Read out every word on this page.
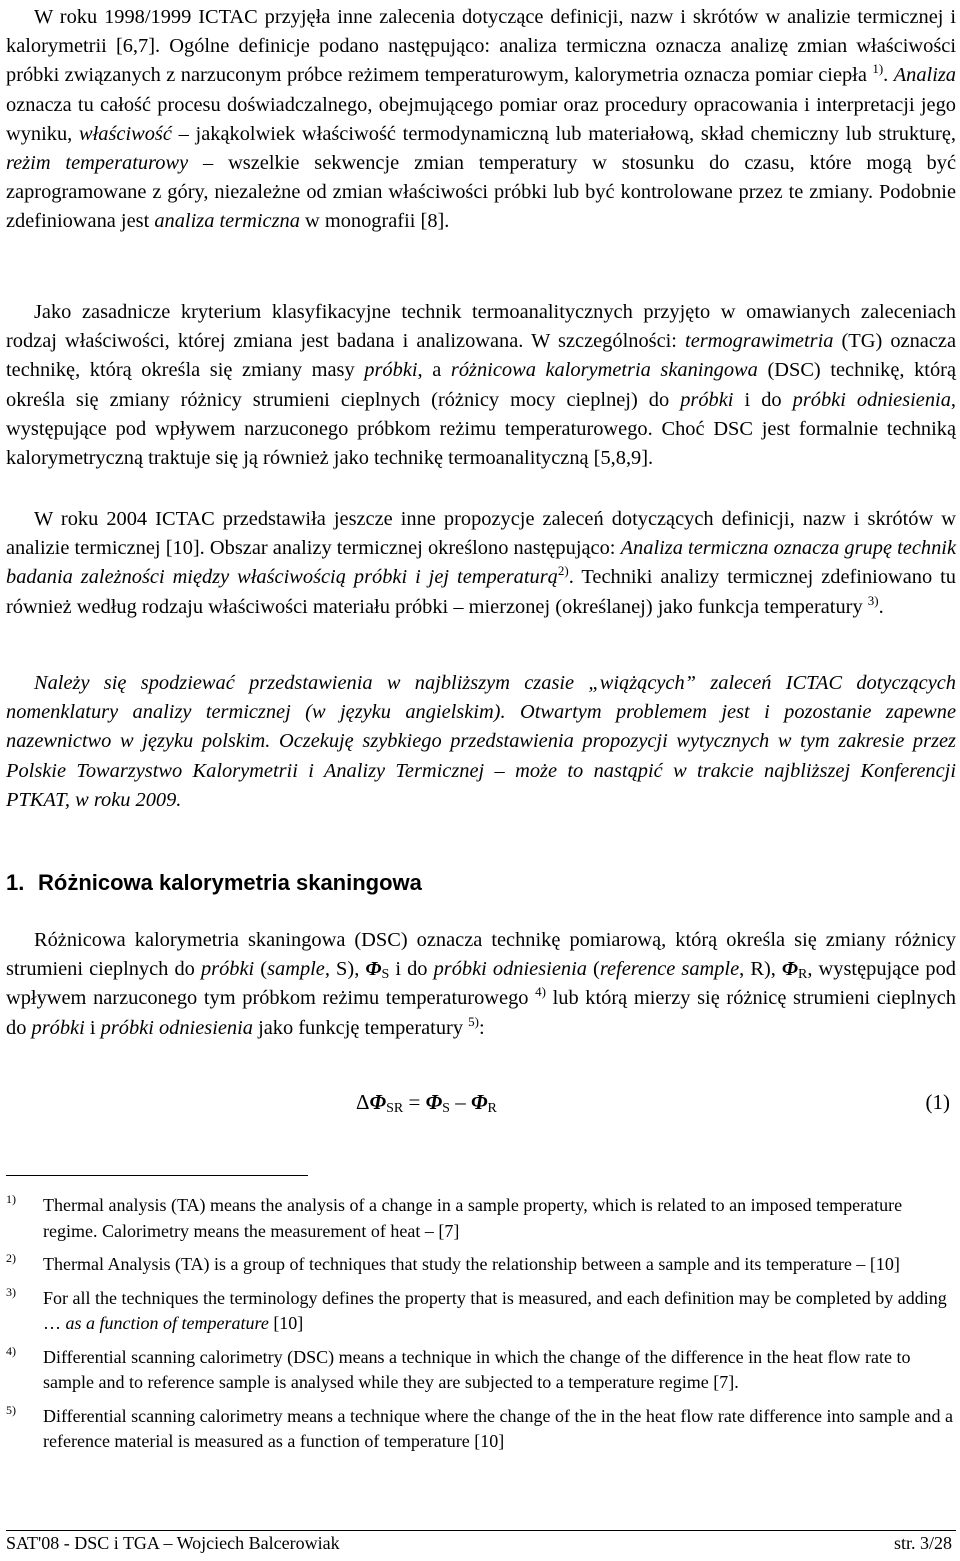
W roku 1998/1999 ICTAC przyjęła inne zalecenia dotyczące definicji, nazw i skrótów w analizie termicznej i kalorymetrii [6,7]. Ogólne definicje podano następująco: analiza termiczna oznacza analizę zmian właściwości próbki związanych z narzuconym próbce reżimem temperaturowym, kalorymetria oznacza pomiar ciepła $^{1)}$. Analiza oznacza tu całość procesu doświadczalnego, obejmującego pomiar oraz procedury opracowania i interpretacji jego wyniku, właściwość – jakąkolwiek właściwość termodynamiczną lub materiałową, skład chemiczny lub strukturę, reżim temperaturowy – wszelkie sekwencje zmian temperatury w stosunku do czasu, które mogą być zaprogramowane z góry, niezależne od zmian właściwości próbki lub być kontrolowane przez te zmiany. Podobnie zdefiniowana jest analiza termiczna w monografii [8].

Jako zasadnicze kryterium klasyfikacyjne technik termoanalitycznych przyjęto w omawianych zaleceniach rodzaj właściwości, której zmiana jest badana i analizowana. W szczególności: termograwimetria (TG) oznacza technikę, którą określa się zmiany masy próbki, a różnicowa kalorymetria skaningowa (DSC) technikę, którą określa się zmiany różnicy strumieni cieplnych (różnicy mocy cieplnej) do próbki i do próbki odniesienia, występujące pod wpływem narzuconego próbkom reżimu temperaturowego. Choć DSC jest formalnie techniką kalorymetryczną traktuje się ją również jako technikę termoanalityczną [5,8,9].

W roku 2004 ICTAC przedstawiła jeszcze inne propozycje zaleceń dotyczących definicji, nazw i skrótów w analizie termicznej [10]. Obszar analizy termicznej określono następująco: Analiza termiczna oznacza grupę technik badania zależności między właściwością próbki i jej temperaturą$^{2)}$. Techniki analizy termicznej zdefiniowano tu również według rodzaju właściwości materiału próbki – mierzonej (określanej) jako funkcja temperatury $^{3)}$.

Należy się spodziewać przedstawienia w najbliższym czasie „wiążących” zaleceń ICTAC dotyczących nomenklatury analizy termicznej (w języku angielskim). Otwartym problemem jest i pozostanie zapewne nazewnictwo w języku polskim. Oczekuję szybkiego przedstawienia propozycji wytycznych w tym zakresie przez Polskie Towarzystwo Kalorymetrii i Analizy Termicznej – może to nastąpić w trakcie najbliższej Konferencji PTKAT, w roku 2009.

1. Różnicowa kalorymetria skaningowa

Różnicowa kalorymetria skaningowa (DSC) oznacza technikę pomiarową, którą określa się zmiany różnicy strumieni cieplnych do próbki (sample, S), $\Phi_S$ i do próbki odniesienia (reference sample, R), $\Phi_R$, występujące pod wpływem narzuconego tym próbkom reżimu temperaturowego $^{4)}$ lub którą mierzy się różnicę strumieni cieplnych do próbki i próbki odniesienia jako funkcję temperatury $^{5)}$:

$\Delta\Phi_{SR} = \Phi_S - \Phi_R$	(1)
1) Thermal analysis (TA) means the analysis of a change in a sample property, which is related to an imposed temperature regime. Calorimetry means the measurement of heat – [7]
2) Thermal Analysis (TA) is a group of techniques that study the relationship between a sample and its temperature – [10]
3) For all the techniques the terminology defines the property that is measured, and each definition may be completed by adding … as a function of temperature [10]
4) Differential scanning calorimetry (DSC) means a technique in which the change of the difference in the heat flow rate to sample and to reference sample is analysed while they are subjected to a temperature regime [7].
5) Differential scanning calorimetry means a technique where the change of the in the heat flow rate difference into sample and a reference material is measured as a function of temperature [10]
SAT'08 - DSC i TGA – Wojciech Balcerowiak	str. 3/28
